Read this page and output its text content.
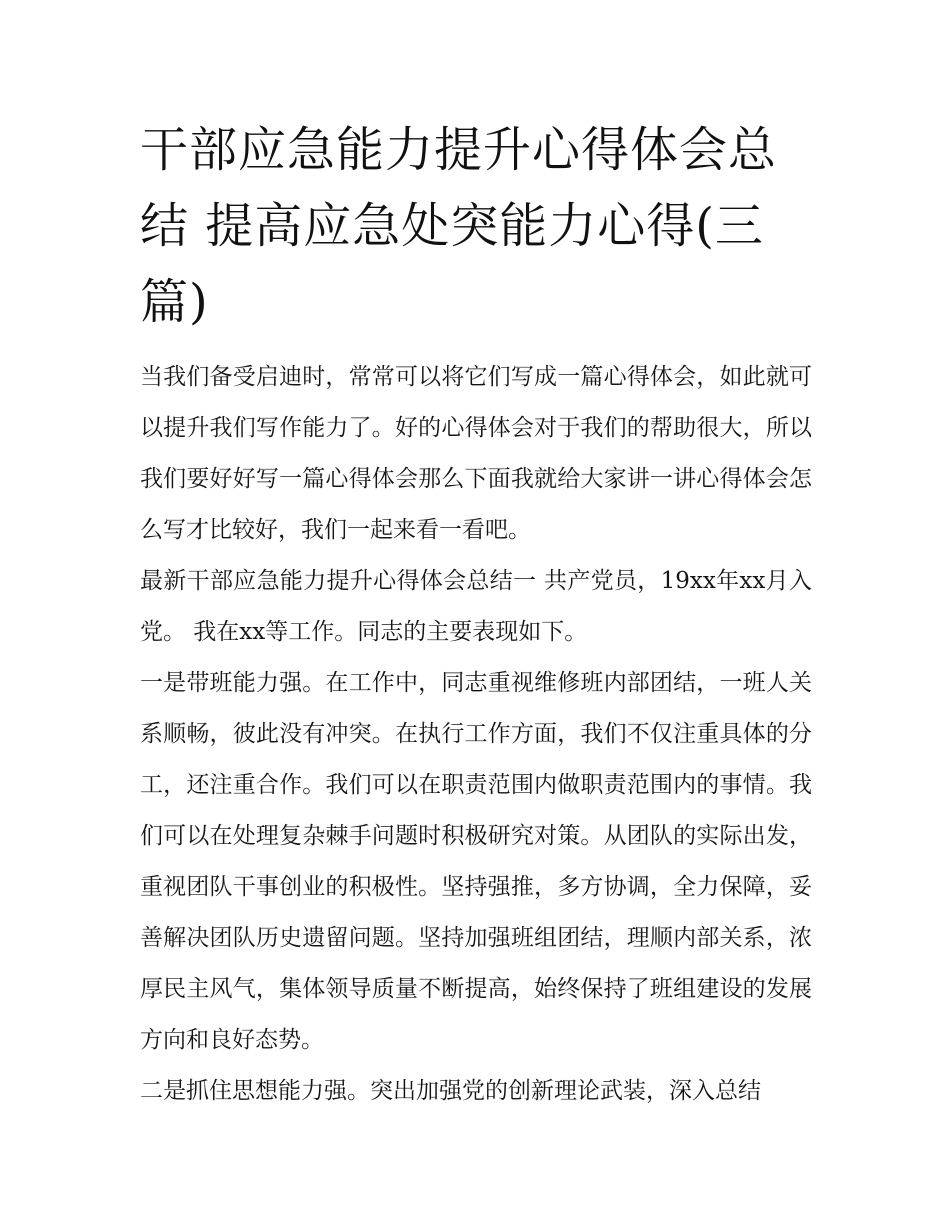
干部应急能力提升心得体会总结 提高应急处突能力心得(三篇)

当我们备受启迪时，常常可以将它们写成一篇心得体会，如此就可以提升我们写作能力了。好的心得体会对于我们的帮助很大，所以我们要好好写一篇心得体会那么下面我就给大家讲一讲心得体会怎么写才比较好，我们一起来看一看吧。

最新干部应急能力提升心得体会总结一 共产党员，19xx年xx月入党。 我在xx等工作。同志的主要表现如下。

一是带班能力强。在工作中，同志重视维修班内部团结，一班人关系顺畅，彼此没有冲突。在执行工作方面，我们不仅注重具体的分工，还注重合作。我们可以在职责范围内做职责范围内的事情。我们可以在处理复杂棘手问题时积极研究对策。从团队的实际出发，重视团队干事创业的积极性。坚持强推，多方协调，全力保障，妥善解决团队历史遗留问题。坚持加强班组团结，理顺内部关系，浓厚民主风气，集体领导质量不断提高，始终保持了班组建设的发展方向和良好态势。

二是抓住思想能力强。突出加强党的创新理论武装，深入总结
